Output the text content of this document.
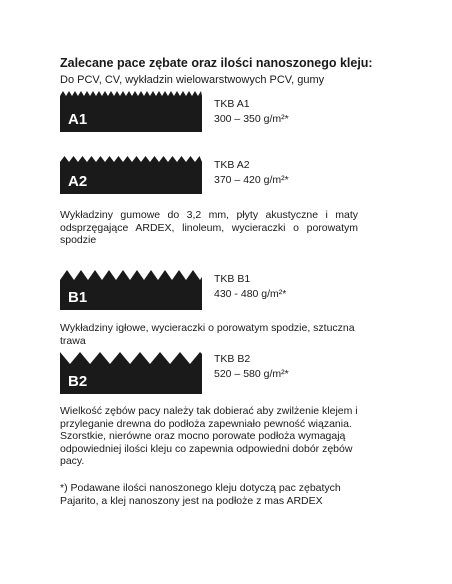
Zalecane pace zębate oraz ilości nanoszonego kleju:
Do PCV, CV, wykładzin wielowarstwowych PCV, gumy
A1
TKB A1
300 – 350 g/m²*
A2
TKB A2
370 – 420 g/m²*
Wykładziny gumowe do 3,2 mm, płyty akustyczne i maty odsprzęgające ARDEX, linoleum, wycieraczki o porowatym spodzie
B1
TKB B1
430 - 480 g/m²*
Wykładziny igłowe, wycieraczki o porowatym spodzie, sztuczna trawa
B2
TKB B2
520 – 580 g/m²*
Wielkość zębów pacy należy tak dobierać aby zwilżenie klejem i przyleganie drewna do podłoża zapewniało pewność wiązania. Szorstkie, nierówne oraz mocno porowate podłoża wymagają odpowiedniej ilości kleju co zapewnia odpowiedni dobór zębów pacy.
*) Podawane ilości nanoszonego kleju dotyczą pac zębatych Pajarito, a klej nanoszony jest na podłoże z mas ARDEX
